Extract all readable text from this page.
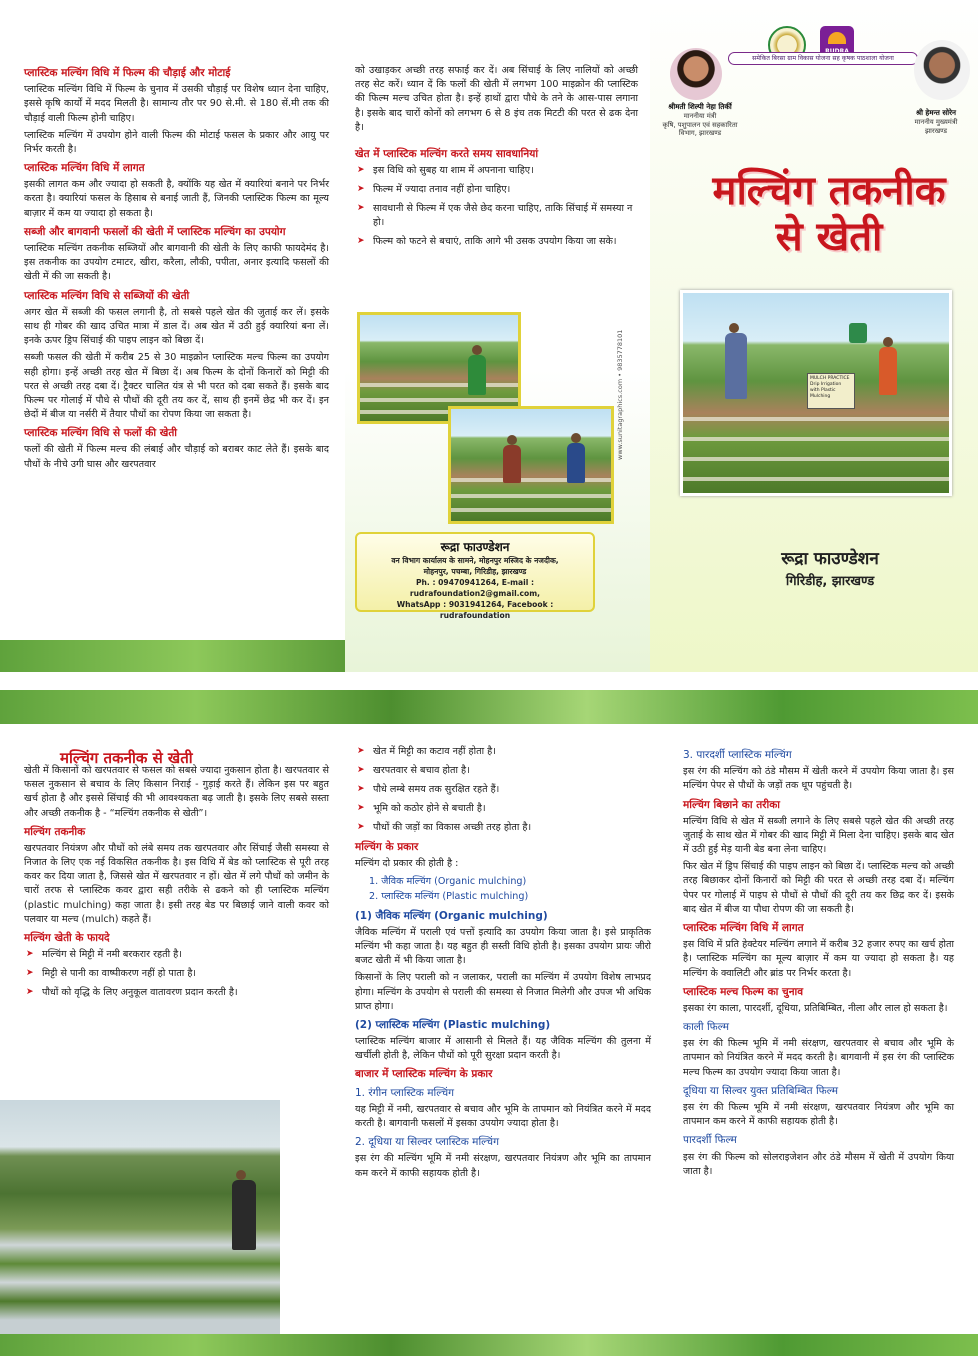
प्लास्टिक मल्चिंग विधि में फिल्म की चौड़ाई और मोटाई

प्लास्टिक मल्चिंग विधि में फिल्म के चुनाव में उसकी चौड़ाई पर विशेष ध्यान देना चाहिए, इससे कृषि कार्यों में मदद मिलती है। सामान्य तौर पर 90 से.मी. से 180 सें.मी तक की चौड़ाई वाली फिल्म होनी चाहिए।

प्लास्टिक मल्चिंग में उपयोग होने वाली फिल्म की मोटाई फसल के प्रकार और आयु पर निर्भर करती है।

प्लास्टिक मल्चिंग विधि में लागत

इसकी लागत कम और ज्यादा हो सकती है, क्योंकि यह खेत में क्यारियां बनाने पर निर्भर करता है। क्यारियां फसल के हिसाब से बनाई जाती हैं, जिनकी प्लास्टिक फिल्म का मूल्य बाज़ार में कम या ज्यादा हो सकता है।

सब्जी और बागवानी फसलों की खेती में प्लास्टिक मल्चिंग का उपयोग

प्लास्टिक मल्चिंग तकनीक सब्जियों और बागवानी की खेती के लिए काफी फायदेमंद है। इस तकनीक का उपयोग टमाटर, खीरा, करैला, लौकी, पपीता, अनार इत्यादि फसलों की खेती में की जा सकती है।

प्लास्टिक मल्चिंग विधि से सब्जियों की खेती

अगर खेत में सब्जी की फसल लगानी है, तो सबसे पहले खेत की जुताई कर लें। इसके साथ ही गोबर की खाद उचित मात्रा में डाल दें। अब खेत में उठी हुई क्यारियां बना लें। इनके ऊपर ड्रिप सिंचाई की पाइप लाइन को बिछा दें।

सब्जी फसल की खेती में करीब 25 से 30 माइक्रोन प्लास्टिक मल्च फिल्म का उपयोग सही होगा। इन्हें अच्छी तरह खेत में बिछा दें। अब फिल्म के दोनों किनारों को मिट्टी की परत से अच्छी तरह दबा दें। ट्रैक्टर चालित यंत्र से भी परत को दबा सकते हैं। इसके बाद फिल्म पर गोलाई में पौधे से पौधों की दूरी तय कर दें, साथ ही इनमें छेद्र भी कर दें। इन छेदों में बीज या नर्सरी में तैयार पौधों का रोपण किया जा सकता है।

प्लास्टिक मल्चिंग विधि से फलों की खेती

फलों की खेती में फिल्म मल्च की लंबाई और चौड़ाई को बराबर काट लेते हैं। इसके बाद पौधों के नीचे उगी घास और खरपतवार

को उखाड़कर अच्छी तरह सफाई कर दें। अब सिंचाई के लिए नालियों को अच्छी तरह सेट करें। ध्यान दें कि फलों की खेती में लगभग 100 माइक्रोन की प्लास्टिक की फिल्म मल्च उचित होता है। इन्हें हाथों द्वारा पौधे के तने के आस-पास लगाना है। इसके बाद चारों कोनों को लगभग 6 से 8 इंच तक मिटटी की परत से ढक देना है।

खेत में प्लास्टिक मल्चिंग करते समय सावधानियां
➤ इस विधि को सुबह या शाम में अपनाना चाहिए।
➤ फिल्म में ज्यादा तनाव नहीं होना चाहिए।
➤ सावधानी से फिल्म में एक जैसे छेद करना चाहिए, ताकि सिंचाई में समस्या न हो।
➤ फिल्म को फटने से बचाएं, ताकि आगे भी उसक उपयोग किया जा सके।
रूद्रा फाउण्डेशन
वन विभाग कार्यालय के सामने, मोहनपुर मस्जिद के नजदीक,
मोहनपुर, पचम्बा, गिरिडीह, झारखण्ड
Ph. : 09470941264, E-mail : rudrafoundation2@gmail.com,
WhatsApp : 9031941264, Facebook : rudrafoundation
www.sunitagraphics.com • 9835778101
श्रीमती शिल्पी नेहा तिर्की
माननीया मंत्री
कृषि, पशुपालन एवं सहकारिता
विभाग, झारखण्ड
समेकित बिरसा ग्राम विकास योजना सह कृषक पाठशाला योजना
श्री हेमन्त सोरेन
माननीय मुख्यमंत्री
झारखण्ड
मल्चिंग तकनीक
से खेती
MULCH PRACTICE Drip Irrigation with Plastic Mulching
रूद्रा फाउण्डेशन
गिरिडीह, झारखण्ड

खेती में किसानों को खरपतवार से फसल को सबसे ज्यादा नुकसान होता है। खरपतवार से फसल नुकसान से बचाव के लिए किसान निराई - गुड़ाई करते हैं। लेकिन इस पर बहुत खर्च होता है और इससे सिंचाई की भी आवश्यकता बढ़ जाती है। इसके लिए सबसे सस्ता और अच्छी तकनीक है - “मल्चिंग तकनीक से खेती”।

मल्चिंग तकनीक

खरपतवार नियंत्रण और पौधों को लंबे समय तक खरपतवार और सिंचाई जैसी समस्या से निजात के लिए एक नई विकसित तकनीक है। इस विधि में बेड को प्लास्टिक से पूरी तरह कवर कर दिया जाता है, जिससे खेत में खरपतवार न हों। खेत में लगे पौधों को जमीन के चारों तरफ से प्लास्टिक कवर द्वारा सही तरीके से ढकने को ही प्लास्टिक मल्चिंग (plastic mulching) कहा जाता है। इसी तरह बेड पर बिछाई जाने वाली कवर को पलवार या मल्च (mulch) कहते हैं।

मल्चिंग खेती के फायदे
➤ मल्चिंग से मिट्टी में नमी बरकरार रहती है।
➤ मिट्टी से पानी का वाष्पीकरण नहीं हो पाता है।
➤ पौधों को वृद्धि के लिए अनुकूल वातावरण प्रदान करती है।
मल्चिंग तकनीक से खेती
➤	खेत में मिट्टी का कटाव नहीं होता है।
➤ खरपतवार से बचाव होता है।
➤ पौधे लम्बे समय तक सुरक्षित रहते हैं।
➤ भूमि को कठोर होने से बचाती है।
➤ पौधों की जड़ों का विकास अच्छी तरह होता है।
मल्चिंग के प्रकार

मल्चिंग दो प्रकार की होती है :

1. जैविक मल्चिंग (Organic mulching)
2. प्लास्टिक मल्चिंग (Plastic mulching)
(1) जैविक मल्चिंग (Organic mulching)

जैविक मल्चिंग में पराली एवं पत्तों इत्यादि का उपयोग किया जाता है। इसे प्राकृतिक मल्चिंग भी कहा जाता है। यह बहुत ही सस्ती विधि होती है। इसका उपयोग प्रायः जीरो बजट खेती में भी किया जाता है।

किसानों के लिए पराली को न जलाकर, पराली का मल्चिंग में उपयोग विशेष लाभप्रद होगा। मल्चिंग के उपयोग से पराली की समस्या से निजात मिलेगी और उपज भी अधिक प्राप्त होगा।

(2) प्लास्टिक मल्चिंग (Plastic mulching)

प्लास्टिक मल्चिंग बाजार में आसानी से मिलते हैं। यह जैविक मल्चिंग की तुलना में खर्चीली होती है, लेकिन पौधों को पूरी सुरक्षा प्रदान करती है।

बाजार में प्लास्टिक मल्चिंग के प्रकार
1. रंगीन प्लास्टिक मल्चिंग

यह मिट्टी में नमी, खरपतवार से बचाव और भूमि के तापमान को नियंत्रित करने में मदद करती है। बागवानी फसलों में इसका उपयोग ज्यादा होता है।

2. दूधिया या सिल्वर प्लास्टिक मल्चिंग

इस रंग की मल्चिंग भूमि में नमी संरक्षण, खरपतवार नियंत्रण और भूमि का तापमान कम करने में काफी सहायक होती है।

3. पारदर्शी प्लास्टिक मल्चिंग

इस रंग की मल्चिंग को ठंडे मौसम में खेती करने में उपयोग किया जाता है। इस मल्चिंग पेपर से पौधों के जड़ों तक धूप पहुंचती है।

मल्चिंग बिछाने का तरीका

मल्चिंग विधि से खेत में सब्जी लगाने के लिए सबसे पहले खेत की अच्छी तरह जुताई के साथ खेत में गोबर की खाद मिट्टी में मिला देना चाहिए। इसके बाद खेत में उठी हुई मेड़ यानी बेड बना लेना चाहिए।

फिर खेत में ड्रिप सिंचाई की पाइप लाइन को बिछा दें। प्लास्टिक मल्च को अच्छी तरह बिछाकर दोनों किनारों को मिट्टी की परत से अच्छी तरह दबा दें। मल्चिंग पेपर पर गोलाई में पाइप से पौधों से पौधों की दूरी तय कर छिद्र कर दें। इसके बाद खेत में बीज या पौधा रोपण की जा सकती है।

प्लास्टिक मल्चिंग विधि में लागत

इस विधि में प्रति हेक्टेयर मल्चिंग लगाने में करीब 32 हजार रुपए का खर्च होता है। प्लास्टिक मल्चिंग का मूल्य बाज़ार में कम या ज्यादा हो सकता है। यह मल्चिंग के क्वालिटी और ब्रांड पर निर्भर करता है।

प्लास्टिक मल्च फिल्म का चुनाव

इसका रंग काला, पारदर्शी, दूधिया, प्रतिबिम्बित, नीला और लाल हो सकता है।

काली फिल्म

इस रंग की फिल्म भूमि में नमी संरक्षण, खरपतवार से बचाव और भूमि के तापमान को नियंत्रित करने में मदद करती है। बागवानी में इस रंग की प्लास्टिक मल्च फिल्म का उपयोग ज्यादा किया जाता है।

दूधिया या सिल्वर युक्त प्रतिबिम्बित फिल्म

इस रंग की फिल्म भूमि में नमी संरक्षण, खरपतवार नियंत्रण और भूमि का तापमान कम करने में काफी सहायक होती है।

पारदर्शी फिल्म

इस रंग की फिल्म को सोलराइजेशन और ठंडे मौसम में खेती में उपयोग किया जाता है।
